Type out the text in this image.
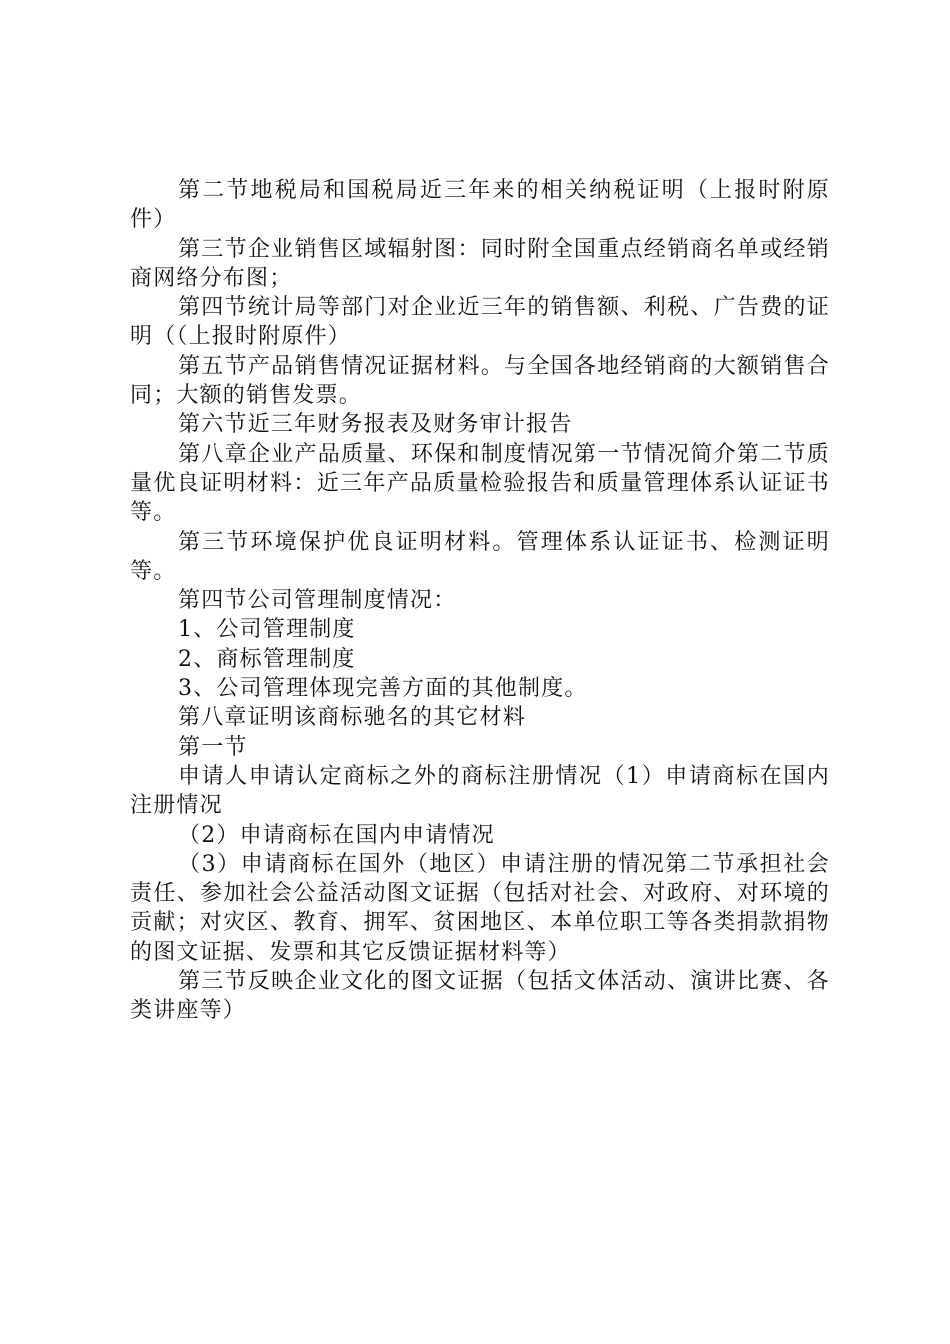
第二节地税局和国税局近三年来的相关纳税证明（上报时附原件）

第三节企业销售区域辐射图：同时附全国重点经销商名单或经销商网络分布图；

第四节统计局等部门对企业近三年的销售额、利税、广告费的证明（（上报时附原件）

第五节产品销售情况证据材料。与全国各地经销商的大额销售合同；大额的销售发票。

第六节近三年财务报表及财务审计报告

第八章企业产品质量、环保和制度情况第一节情况简介第二节质量优良证明材料：近三年产品质量检验报告和质量管理体系认证证书等。

第三节环境保护优良证明材料。管理体系认证证书、检测证明等。

第四节公司管理制度情况：

1、公司管理制度

2、商标管理制度

3、公司管理体现完善方面的其他制度。

第八章证明该商标驰名的其它材料

第一节

申请人申请认定商标之外的商标注册情况（1）申请商标在国内注册情况

（2）申请商标在国内申请情况

（3）申请商标在国外（地区）申请注册的情况第二节承担社会责任、参加社会公益活动图文证据（包括对社会、对政府、对环境的贡献；对灾区、教育、拥军、贫困地区、本单位职工等各类捐款捐物的图文证据、发票和其它反馈证据材料等）

第三节反映企业文化的图文证据（包括文体活动、演讲比赛、各类讲座等）
